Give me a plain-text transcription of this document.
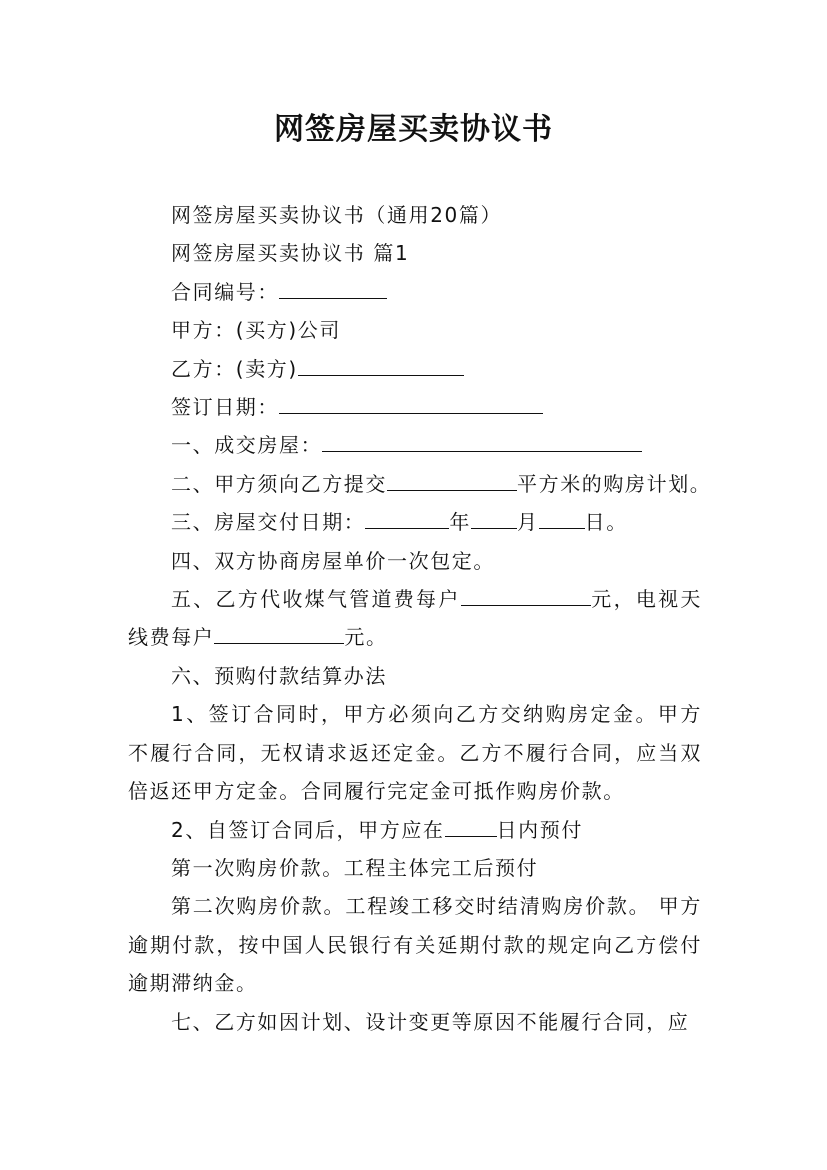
网签房屋买卖协议书

网签房屋买卖协议书（通用20篇）

网签房屋买卖协议书 篇1

合同编号：

甲方：(买方)公司

乙方：(卖方)

签订日期：

一、成交房屋：

二、甲方须向乙方提交	平方米的购房计划。

三、房屋交付日期：	年 月 日。

四、双方协商房屋单价一次包定。

五、乙方代收煤气管道费每户	元，电视天线费每户	元。

六、预购付款结算办法

1、签订合同时，甲方必须向乙方交纳购房定金。甲方不履行合同，无权请求返还定金。乙方不履行合同，应当双倍返还甲方定金。合同履行完定金可抵作购房价款。

2、自签订合同后，甲方应在	日内预付

第一次购房价款。工程主体完工后预付

第二次购房价款。工程竣工移交时结清购房价款。 甲方逾期付款，按中国人民银行有关延期付款的规定向乙方偿付逾期滞纳金。

七、乙方如因计划、设计变更等原因不能履行合同，应
